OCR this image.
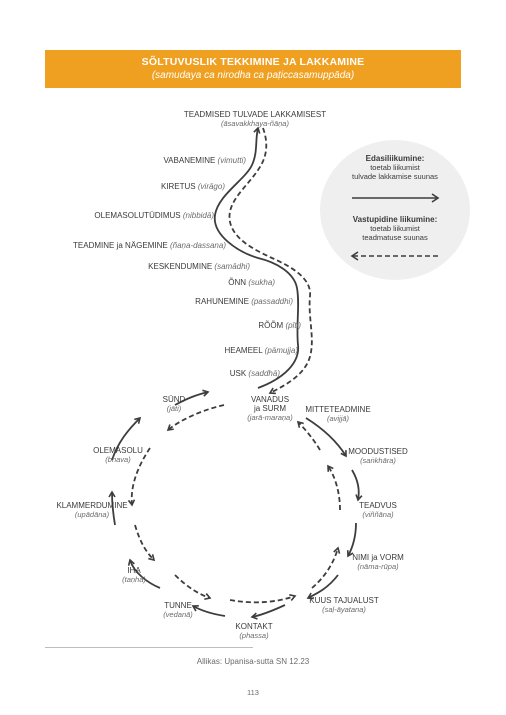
SÕLTUVUSLIK TEKKIMINE JA LAKKAMINE
(samudaya ca nirodha ca paṭiccasamuppāda)
TEADMISED TULVADE LAKKAMISEST
(āsavakkhaya-ñāṇa)
VABANEMINE (vimutti)
KIRETUS (virāgo)
OLEMASOLUTÜDIMUS (nibbidā)
TEADMINE ja NÄGEMINE (ñaṇa-dassana)
KESKENDUMINE (samādhi)
ÕNN (sukha)
RAHUNEMINE (passaddhi)
RÕÕM (pīti)
HEAMEEL (pāmujja)
USK (saddhā)
VANADUS
ja SURM
(jarā-maraṇa)
MITTETEADMINE
(avijjā)
MOODUSTISED
(saṅkhāra)
TEADVUS
(viññāna)
NIMI ja VORM
(nāma-rūpa)
KUUS TAJUALUST
(saḷ-āyatana)
KONTAKT
(phassa)
TUNNE
(vedanā)
IHA
(taṇhā)
KLAMMERDUMINE
(upādāna)
OLEMASOLU
(bhava)
SÜND
(jāti)
Edasiliikumine:
toetab liikumist
tulvade lakkamise suunas
Vastupidine liikumine:
toetab liikumist
teadmatuse suunas
Allikas: Upanisa-sutta SN 12.23
113
